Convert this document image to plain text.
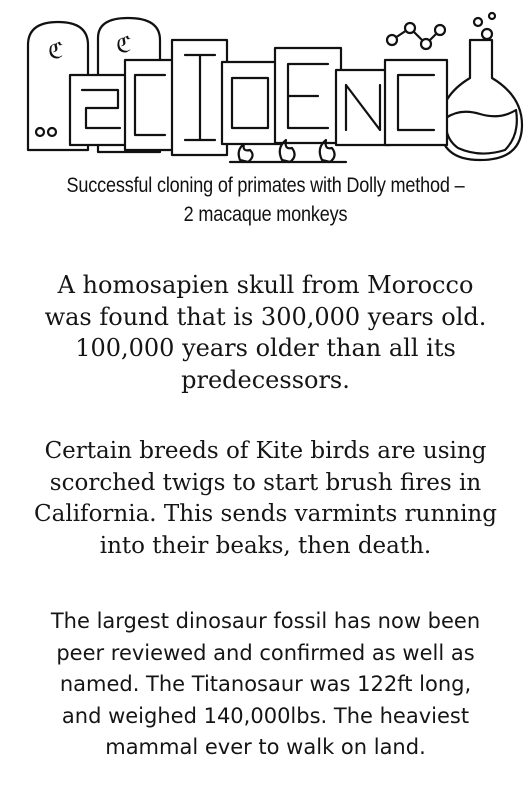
ℭ ℭ
Successful cloning of primates with Dolly method –
2 macaque monkeys
A homosapien skull from Morocco
was found that is 300,000 years old.
100,000 years older than all its
predecessors.
Certain breeds of Kite birds are using
scorched twigs to start brush fires in
California. This sends varmints running
into their beaks, then death.
The largest dinosaur fossil has now been
peer reviewed and confirmed as well as
named. The Titanosaur was 122ft long,
and weighed 140,000lbs. The heaviest
mammal ever to walk on land.
